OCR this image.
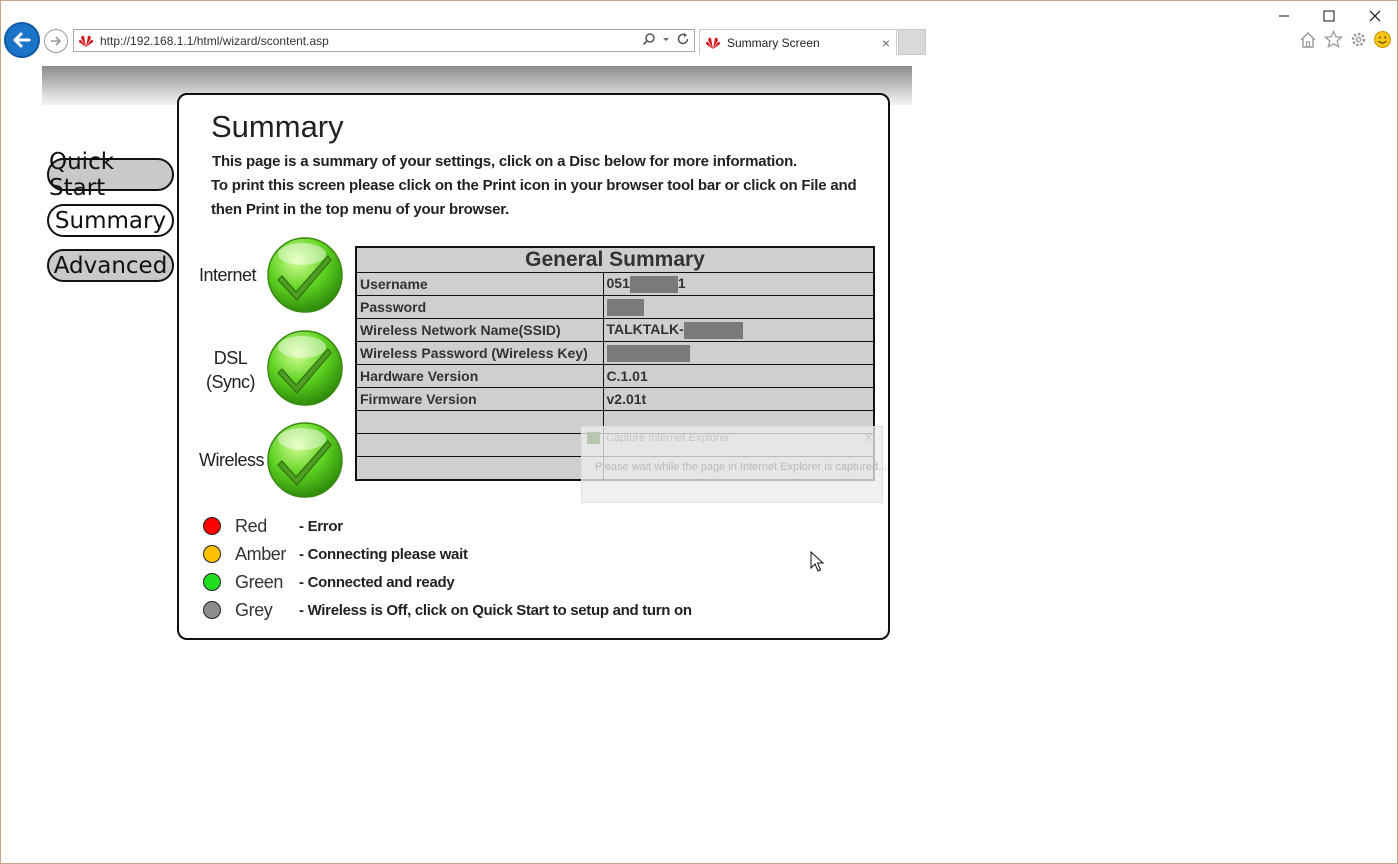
http://192.168.1.1/html/wizard/scontent.asp	Summary Screen	×
Quick Start
Summary
Advanced
Summary

This page is a summary of your settings, click on a Disc below for more information.

To print this screen please click on the Print icon in your browser tool bar or click on File and then Print in the top menu of your browser.

Internet
DSL
(Sync)
Wireless
General Summary	
Username	051 1
Password	
Wireless Network Name(SSID)	TALKTALK-
Wireless Password (Wireless Key)	
Hardware Version	C.1.01
Firmware Version	v2.01t

Red	- Error
Amber - Connecting please wait
Green	- Connected and ready
Grey	- Wireless is Off, click on Quick Start to setup and turn on
Capture Internet Explorer	✕
Please wait while the page in Internet Explorer is captured...
